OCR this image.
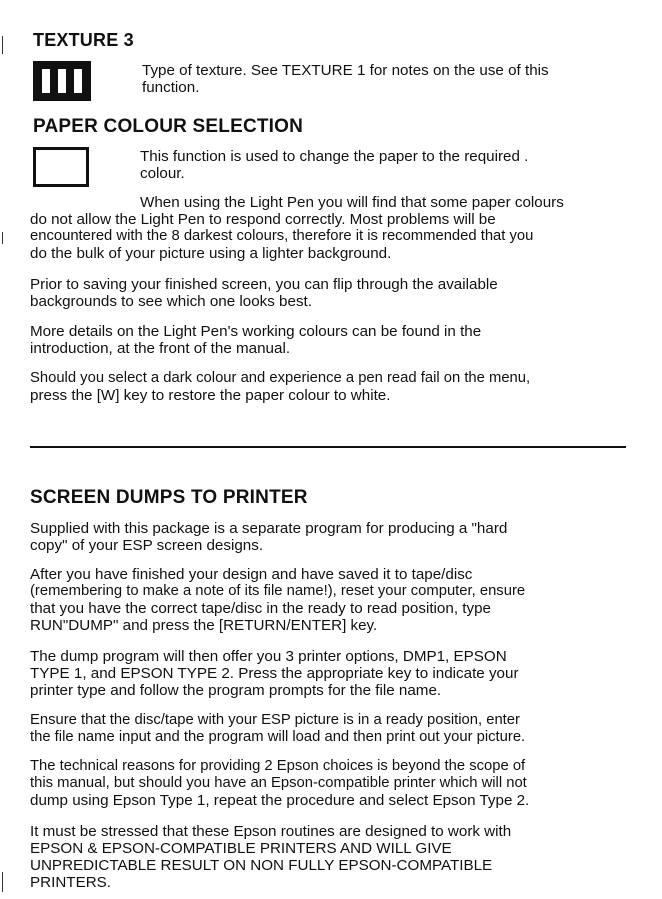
TEXTURE 3

Type of texture. See TEXTURE 1 for notes on the use of this
function.

PAPER COLOUR SELECTION

This function is used to change the paper to the required .
colour.

When using the Light Pen you will find that some paper colours
do not allow the Light Pen to respond correctly. Most problems will be
encountered with the 8 darkest colours, therefore it is recommended that you
do the bulk of your picture using a lighter background.

Prior to saving your finished screen, you can flip through the available
backgrounds to see which one looks best.

More details on the Light Pen's working colours can be found in the
introduction, at the front of the manual.

Should you select a dark colour and experience a pen read fail on the menu,
press the [W] key to restore the paper colour to white.

SCREEN DUMPS TO PRINTER

Supplied with this package is a separate program for producing a "hard
copy" of your ESP screen designs.

After you have finished your design and have saved it to tape/disc
(remembering to make a note of its file name!), reset your computer, ensure
that you have the correct tape/disc in the ready to read position, type
RUN"DUMP" and press the [RETURN/ENTER] key.

The dump program will then offer you 3 printer options, DMP1, EPSON
TYPE 1, and EPSON TYPE 2. Press the appropriate key to indicate your
printer type and follow the program prompts for the file name.

Ensure that the disc/tape with your ESP picture is in a ready position, enter
the file name input and the program will load and then print out your picture.

The technical reasons for providing 2 Epson choices is beyond the scope of
this manual, but should you have an Epson-compatible printer which will not
dump using Epson Type 1, repeat the procedure and select Epson Type 2.

It must be stressed that these Epson routines are designed to work with
EPSON & EPSON-COMPATIBLE PRINTERS AND WILL GIVE
UNPREDICTABLE RESULT ON NON FULLY EPSON-COMPATIBLE
PRINTERS.
